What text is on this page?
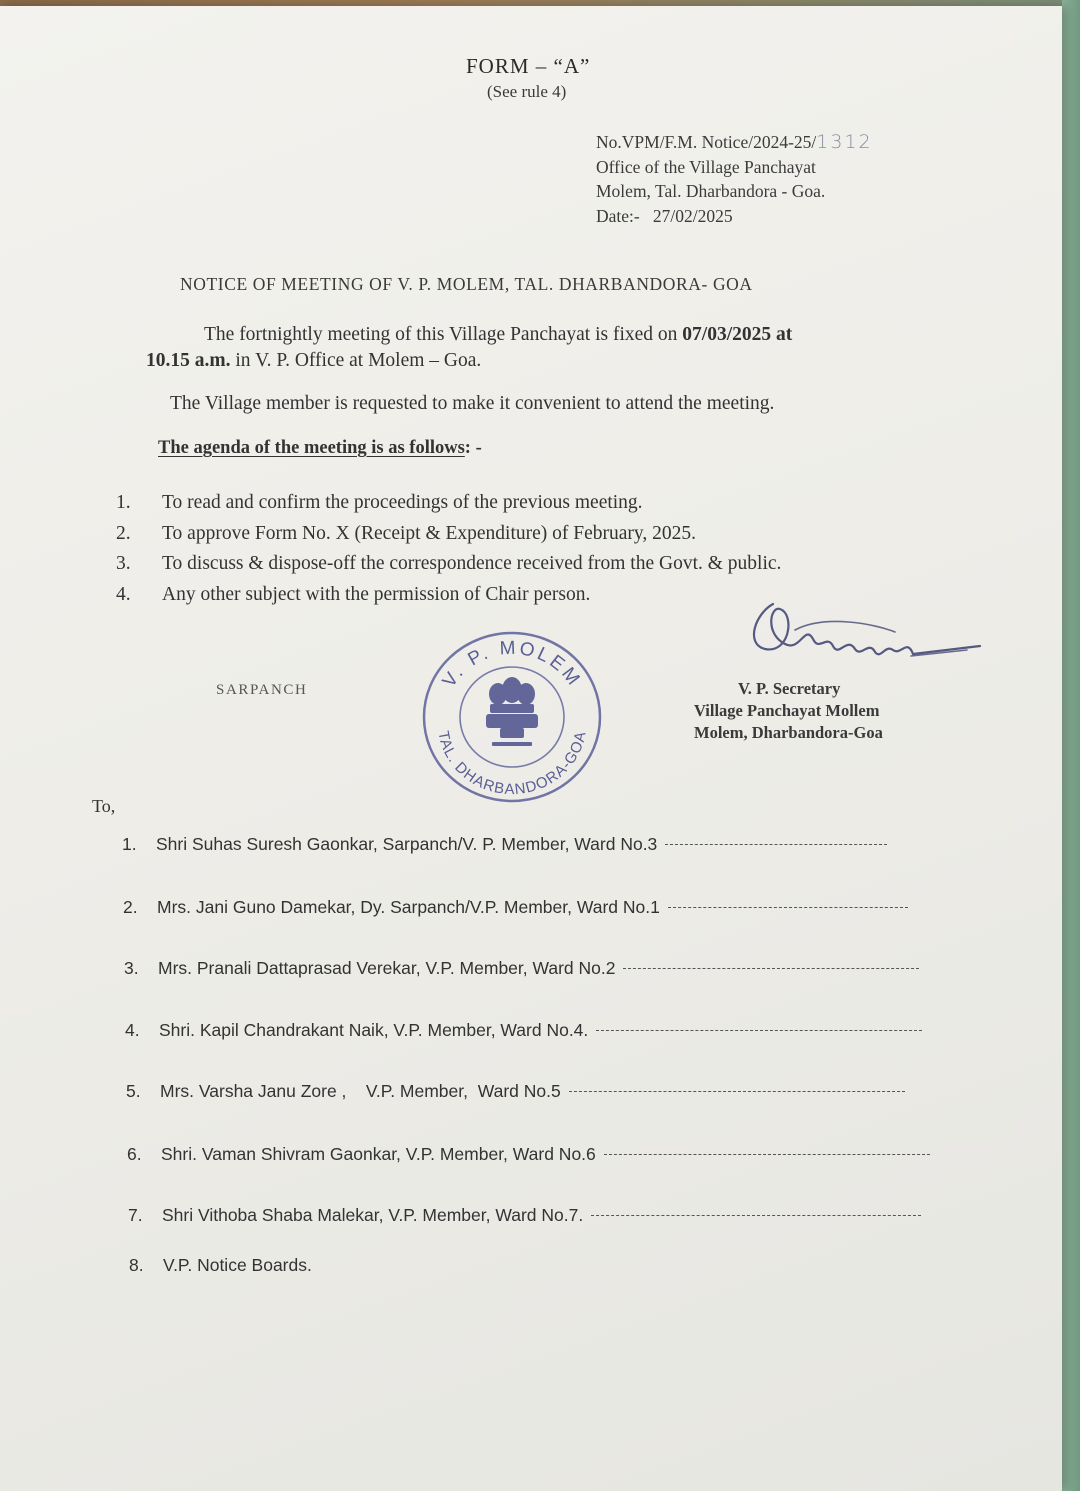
FORM – “A”
(See rule 4)
No.VPM/F.M. Notice/2024-25/1312
Office of the Village Panchayat
Molem, Tal. Dharbandora - Goa.
Date:- 27/02/2025
NOTICE OF MEETING OF V. P. MOLEM, TAL. DHARBANDORA- GOA
The fortnightly meeting of this Village Panchayat is fixed on 07/03/2025 at
10.15 a.m. in V. P. Office at Molem – Goa.
The Village member is requested to make it convenient to attend the meeting.
The agenda of the meeting is as follows: -
1.	To read and confirm the proceedings of the previous meeting.
2.	To approve Form No. X (Receipt & Expenditure) of February, 2025.
3.	To discuss & dispose-off the correspondence received from the Govt. & public.
4.	Any other subject with the permission of Chair person.
SARPANCH	V. P. MOLEM
TAL. DHARBANDORA-GOA
V. P. Secretary
Village Panchayat Mollem
Molem, Dharbandora-Goa
To,
1.	Shri Suhas Suresh Gaonkar, Sarpanch/V. P. Member, Ward No.3
2.	Mrs. Jani Guno Damekar, Dy. Sarpanch/V.P. Member, Ward No.1
3.	Mrs. Pranali Dattaprasad Verekar, V.P. Member, Ward No.2
4.	Shri. Kapil Chandrakant Naik, V.P. Member, Ward No.4.
5.	Mrs. Varsha Janu Zore ,    V.P. Member,  Ward No.5
6.	Shri. Vaman Shivram Gaonkar, V.P. Member, Ward No.6
7.	Shri Vithoba Shaba Malekar, V.P. Member, Ward No.7.
8.	V.P. Notice Boards.
